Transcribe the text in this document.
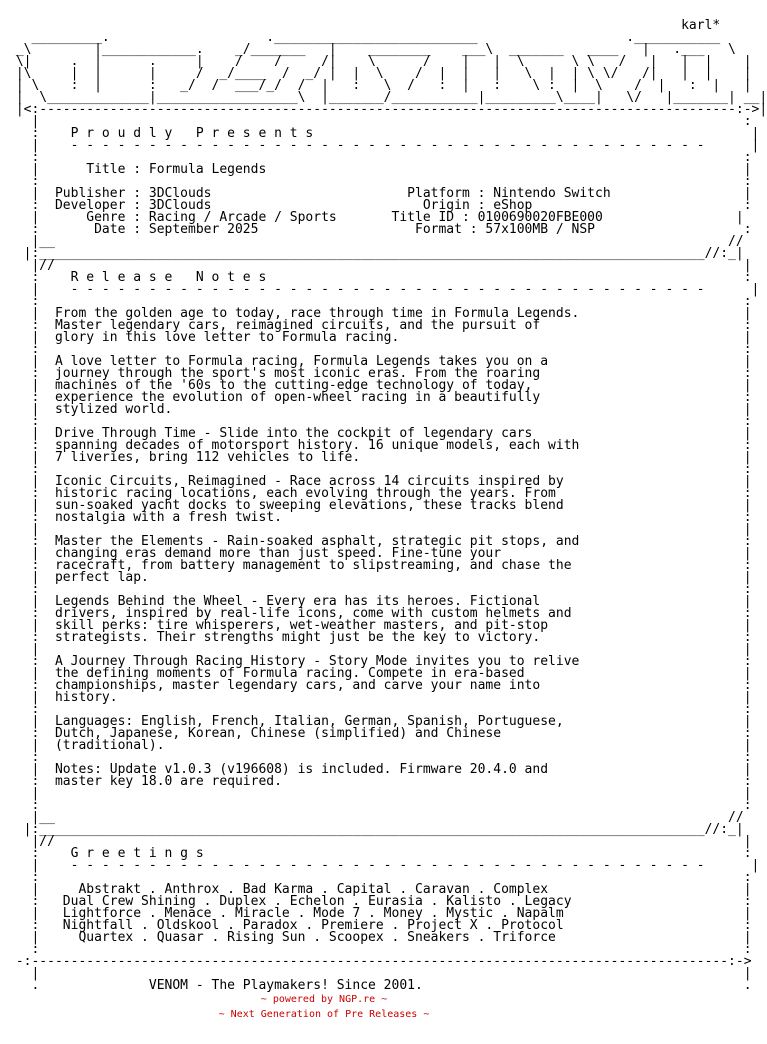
karl*
_________.                    .__________________________                   .___________
_\        |____________.    _/_______   |    ________    ___\  _______   ____   |   .___   \
\|     .  |      .     |    /    /     /|    \      /    |   |  \      \ \   /   |   |  |    |
|\     |  |      |     /  _/____  /  _/ |  |  \    /  |  |   |   \  |  | \ \/   /|   |  |    |
| \    :  |      :   _/  /  ___/_/  /  |   :   \  /   :  |   :    \ :  |  \    /  |   :  |   |
|  \_____________|__________________\  |_______/___________|_________\____|   \/   |_______| __|
|<:-----------------------------------------------------------------------------------------:->|
|                                                                                          :
:    P r o u d l y   P r e s e n t s                                                        |
|    - - - - - - - - - - - - - - - - - - - - - - - - - - - - - - - - - - - - - - - - -      |
:                                                                                          :
|      Title : Formula Legends                                                             |
:                                                                                          :
|  Publisher : 3DClouds                         Platform : Nintendo Switch                 |
:  Developer : 3DClouds                           Origin : eShop                           :
|      Genre : Racing / Arcade / Sports       Title ID : 0100690020FBE000                 |
:       Date : September 2025                    Format : 57x100MB / NSP                   :
|__                                                                                      //
|:_____________________________________________________________________________________//:_|
|//                                                                                        |
:    R e l e a s e   N o t e s                                                             :
|    - - - - - - - - - - - - - - - - - - - - - - - - - - - - - - - - - - - - - - - - -      |
:                                                                                          :
|  From the golden age to today, race through time in Formula Legends.                     |
:  Master legendary cars, reimagined circuits, and the pursuit of                          :
|  glory in this love letter to Formula racing.                                            |
:                                                                                          :
|  A love letter to Formula racing, Formula Legends takes you on a                         |
:  journey through the sport's most iconic eras. From the roaring                          :
|  machines of the '60s to the cutting-edge technology of today,                           |
:  experience the evolution of open-wheel racing in a beautifully                          :
|  stylized world.                                                                         |
:                                                                                          :
|  Drive Through Time - Slide into the cockpit of legendary cars                           |
:  spanning decades of motorsport history. 16 unique models, each with                     :
|  7 liveries, bring 112 vehicles to life.                                                 |
:                                                                                          :
|  Iconic Circuits, Reimagined - Race across 14 circuits inspired by                       |
:  historic racing locations, each evolving through the years. From                        :
|  sun-soaked yacht docks to sweeping elevations, these tracks blend                       |
:  nostalgia with a fresh twist.                                                           :
|                                                                                          |
:  Master the Elements - Rain-soaked asphalt, strategic pit stops, and                     :
|  changing eras demand more than just speed. Fine-tune your                               |
:  racecraft, from battery management to slipstreaming, and chase the                      :
|  perfect lap.                                                                            |
:                                                                                          :
|  Legends Behind the Wheel - Every era has its heroes. Fictional                          |
:  drivers, inspired by real-life icons, come with custom helmets and                      :
|  skill perks: tire whisperers, wet-weather masters, and pit-stop                         |
:  strategists. Their strengths might just be the key to victory.                          :
|                                                                                          |
:  A Journey Through Racing History - Story Mode invites you to relive                     :
|  the defining moments of Formula racing. Compete in era-based                            |
:  championships, master legendary cars, and carve your name into                          :
|  history.                                                                                |
:                                                                                          :
|  Languages: English, French, Italian, German, Spanish, Portuguese,                       |
:  Dutch, Japanese, Korean, Chinese (simplified) and Chinese                               :
|  (traditional).                                                                          |
:                                                                                          :
|  Notes: Update v1.0.3 (v196608) is included. Firmware 20.4.0 and                         |
:  master key 18.0 are required.                                                           :
|                                                                                          |
:                                                                                          :
|__                                                                                      //
|:_____________________________________________________________________________________//:_|
|//                                                                                        |
:    G r e e t i n g s                                                                     :
|    - - - - - - - - - - - - - - - - - - - - - - - - - - - - - - - - - - - - - - - - -      |
:                                                                                          :
|     Abstrakt . Anthrox . Bad Karma . Capital . Caravan . Complex                         |
:   Dual Crew Shining . Duplex . Echelon . Eurasia . Kalisto . Legacy                      :
|   Lightforce . Menace . Miracle . Mode 7 . Money . Mystic . Napalm                       |
:   Nightfall . Oldskool . Paradox . Premiere . Project X . Protocol                       :
|     Quartex . Quasar . Rising Sun . Scoopex . Sneakers . Triforce                        |
:                                                                                          :
-:-----------------------------------------------------------------------------------------:->
|                                                                                          |
.              VENOM - The Playmakers! Since 2001.                                         .
~ powered by NGP.re ~
~ Next Generation of Pre Releases ~
